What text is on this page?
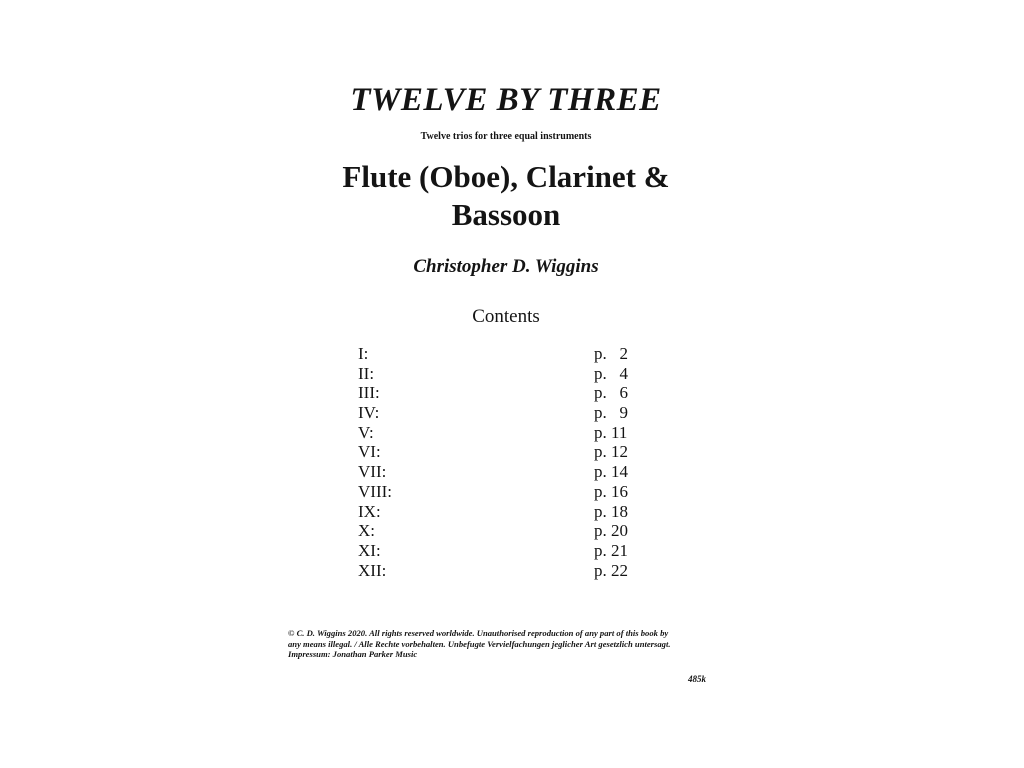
TWELVE BY THREE

Twelve trios for three equal instruments

Flute (Oboe), Clarinet &
Bassoon

Christopher D. Wiggins

Contents

I:	p.   2
II:	p.   4
III:	p.   6
IV:	p.   9
V:	p. 11
VI:	p. 12
VII:	p. 14
VIII:	p. 16
IX:	p. 18
X:	p. 20
XI:	p. 21
XII:	p. 22
© C. D. Wiggins 2020. All rights reserved worldwide. Unauthorised reproduction of any part of this book by
any means illegal. / Alle Rechte vorbehalten. Unbefugte Vervielfachungen jeglicher Art gesetzlich untersagt.
Impressum: Jonathan Parker Music

485k
